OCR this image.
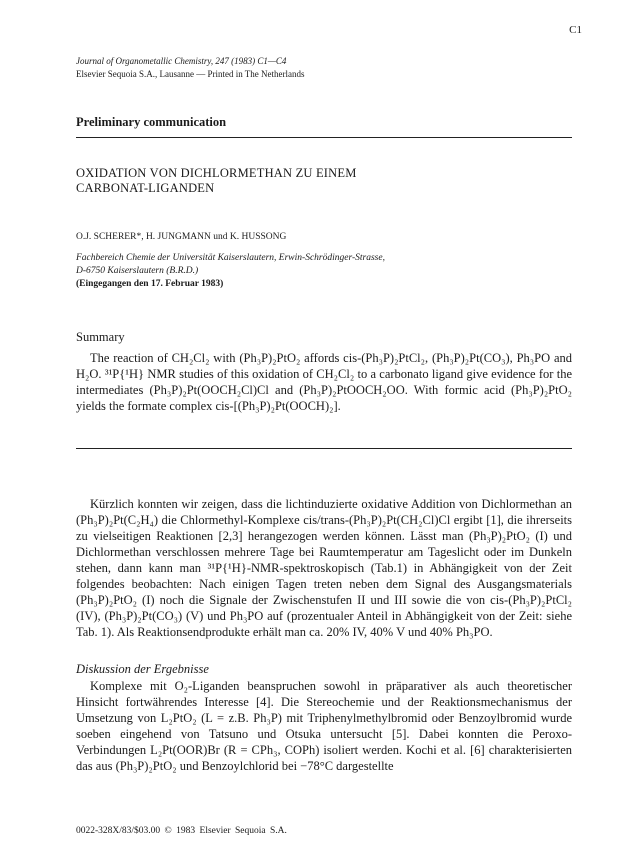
C1
Journal of Organometallic Chemistry, 247 (1983) C1—C4
Elsevier Sequoia S.A., Lausanne — Printed in The Netherlands
Preliminary communication
OXIDATION VON DICHLORMETHAN ZU EINEM
CARBONAT-LIGANDEN
O.J. SCHERER*, H. JUNGMANN und K. HUSSONG
Fachbereich Chemie der Universität Kaiserslautern, Erwin-Schrödinger-Strasse,
D-6750 Kaiserslautern (B.R.D.)
(Eingegangen den 17. Februar 1983)
Summary

The reaction of CH₂Cl₂ with (Ph₃P)₂PtO₂ affords cis-(Ph₃P)₂PtCl₂, (Ph₃P)₂Pt(CO₃), Ph₃PO and H₂O. ³¹P{¹H} NMR studies of this oxidation of CH₂Cl₂ to a carbonato ligand give evidence for the intermediates (Ph₃P)₂Pt(OOCH₂Cl)Cl and (Ph₃P)₂PtOOCH₂OO. With formic acid (Ph₃P)₂PtO₂ yields the formate complex cis-[(Ph₃P)₂Pt(OOCH)₂].

Kürzlich konnten wir zeigen, dass die lichtinduzierte oxidative Addition von Dichlormethan an (Ph₃P)₂Pt(C₂H₄) die Chlormethyl-Komplexe cis/trans-(Ph₃P)₂Pt(CH₂Cl)Cl ergibt [1], die ihrerseits zu vielseitigen Reaktionen [2,3] herangezogen werden können. Lässt man (Ph₃P)₂PtO₂ (I) und Dichlormethan verschlossen mehrere Tage bei Raumtemperatur am Tageslicht oder im Dunkeln stehen, dann kann man ³¹P{¹H}-NMR-spektroskopisch (Tab.1) in Abhängigkeit von der Zeit folgendes beobachten: Nach einigen Tagen treten neben dem Signal des Ausgangsmaterials (Ph₃P)₂PtO₂ (I) noch die Signale der Zwischenstufen II und III sowie die von cis-(Ph₃P)₂PtCl₂ (IV), (Ph₃P)₂Pt(CO₃) (V) und Ph₃PO auf (prozentualer Anteil in Abhängigkeit von der Zeit: siehe Tab. 1). Als Reaktionsendprodukte erhält man ca. 20% IV, 40% V und 40% Ph₃PO.

Diskussion der Ergebnisse

Komplexe mit O₂-Liganden beanspruchen sowohl in präparativer als auch theoretischer Hinsicht fortwährendes Interesse [4]. Die Stereochemie und der Reaktionsmechanismus der Umsetzung von L₂PtO₂ (L = z.B. Ph₃P) mit Triphenylmethylbromid oder Benzoylbromid wurde soeben eingehend von Tatsuno und Otsuka untersucht [5]. Dabei konnten die Peroxo-Verbindungen L₂Pt(OOR)Br (R = CPh₃, COPh) isoliert werden. Kochi et al. [6] charakterisierten das aus (Ph₃P)₂PtO₂ und Benzoylchlorid bei −78°C dargestellte

0022-328X/83/$03.00 © 1983 Elsevier Sequoia S.A.
